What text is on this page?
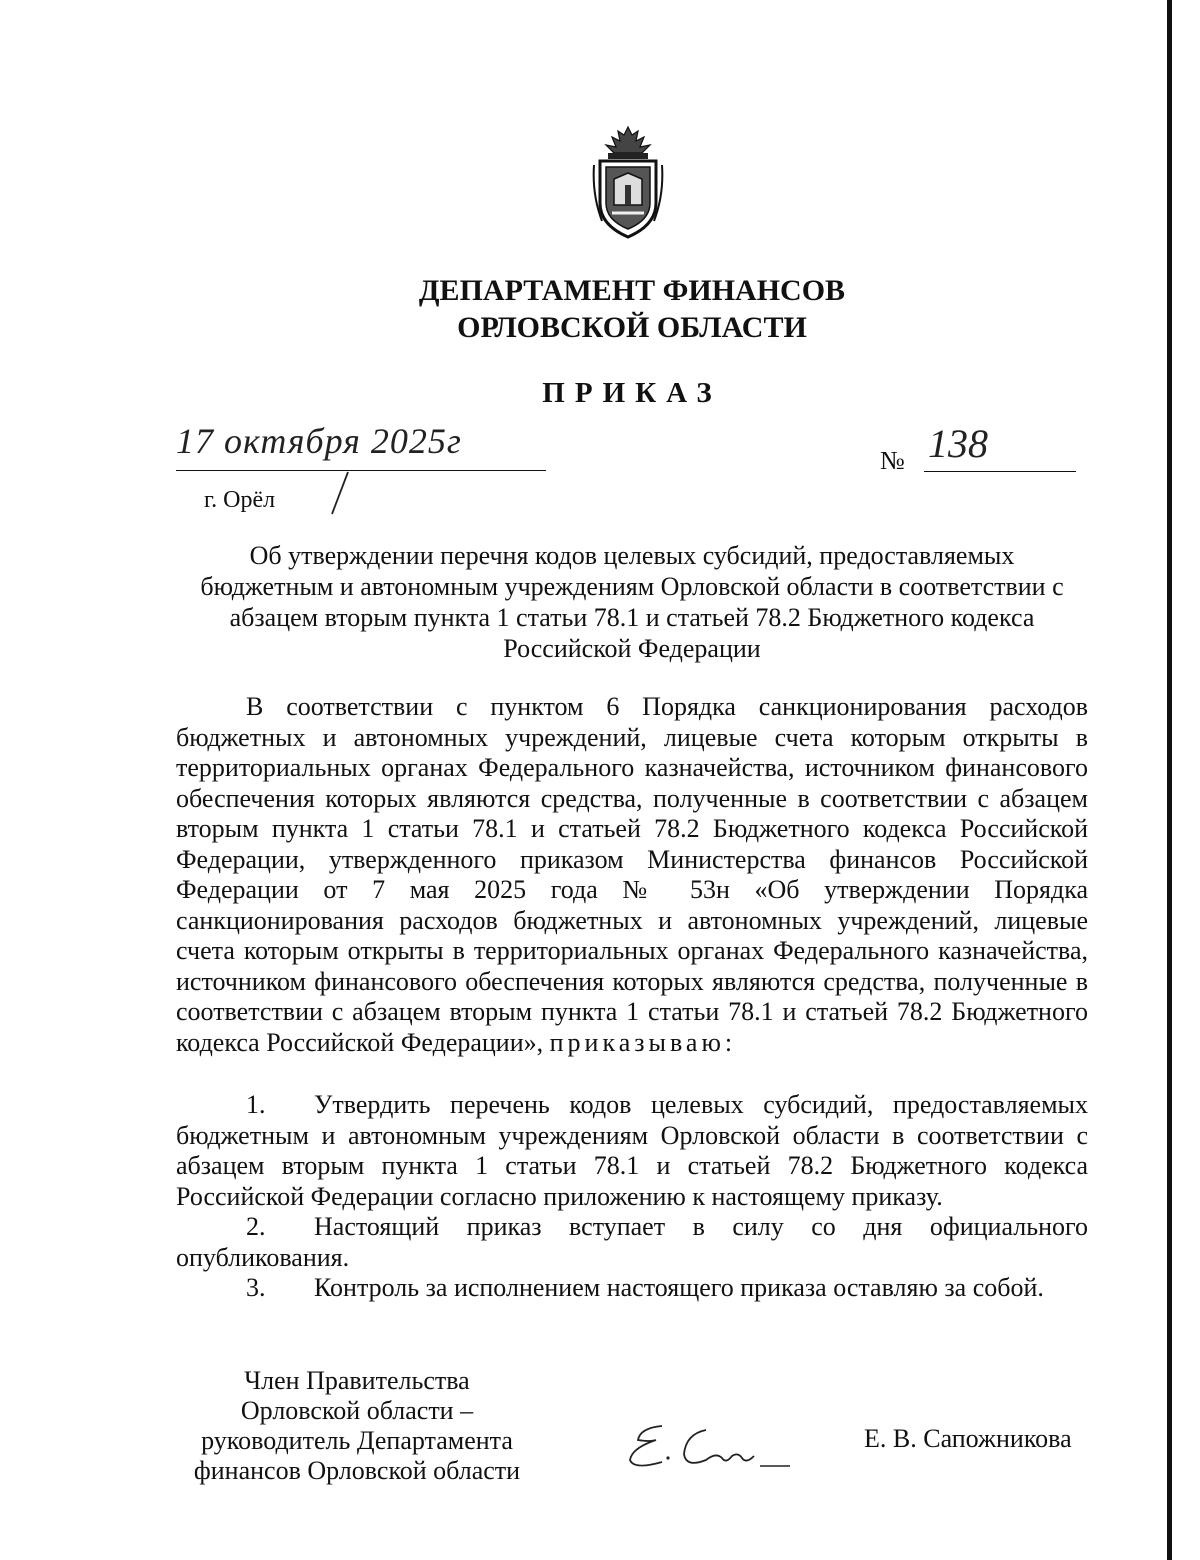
ДЕПАРТАМЕНТ ФИНАНСОВ
ОРЛОВСКОЙ ОБЛАСТИ
ПРИКАЗ
17 октября 2025г	№ 138
г. Орёл
Об утверждении перечня кодов целевых субсидий, предоставляемых
бюджетным и автономным учреждениям Орловской области в соответствии с
абзацем вторым пункта 1 статьи 78.1 и статьей 78.2 Бюджетного кодекса
Российской Федерации
В соответствии с пунктом 6 Порядка санкционирования расходов бюджетных и автономных учреждений, лицевые счета которым открыты в территориальных органах Федерального казначейства, источником финансового обеспечения которых являются средства, полученные в соответствии с абзацем вторым пункта 1 статьи 78.1 и статьей 78.2 Бюджетного кодекса Российской Федерации, утвержденного приказом Министерства финансов Российской Федерации от 7 мая 2025 года № 53н «Об утверждении Порядка санкционирования расходов бюджетных и автономных учреждений, лицевые счета которым открыты в территориальных органах Федерального казначейства, источником финансового обеспечения которых являются средства, полученные в соответствии с абзацем вторым пункта 1 статьи 78.1 и статьей 78.2 Бюджетного кодекса Российской Федерации», приказываю:

1. Утвердить перечень кодов целевых субсидий, предоставляемых бюджетным и автономным учреждениям Орловской области в соответствии с абзацем вторым пункта 1 статьи 78.1 и статьей 78.2 Бюджетного кодекса Российской Федерации согласно приложению к настоящему приказу.

2. Настоящий приказ вступает в силу со дня официального опубликования.

3. Контроль за исполнением настоящего приказа оставляю за собой.

Член Правительства
Орловской области –
руководитель Департамента
финансов Орловской области
Е. В. Сапожникова
